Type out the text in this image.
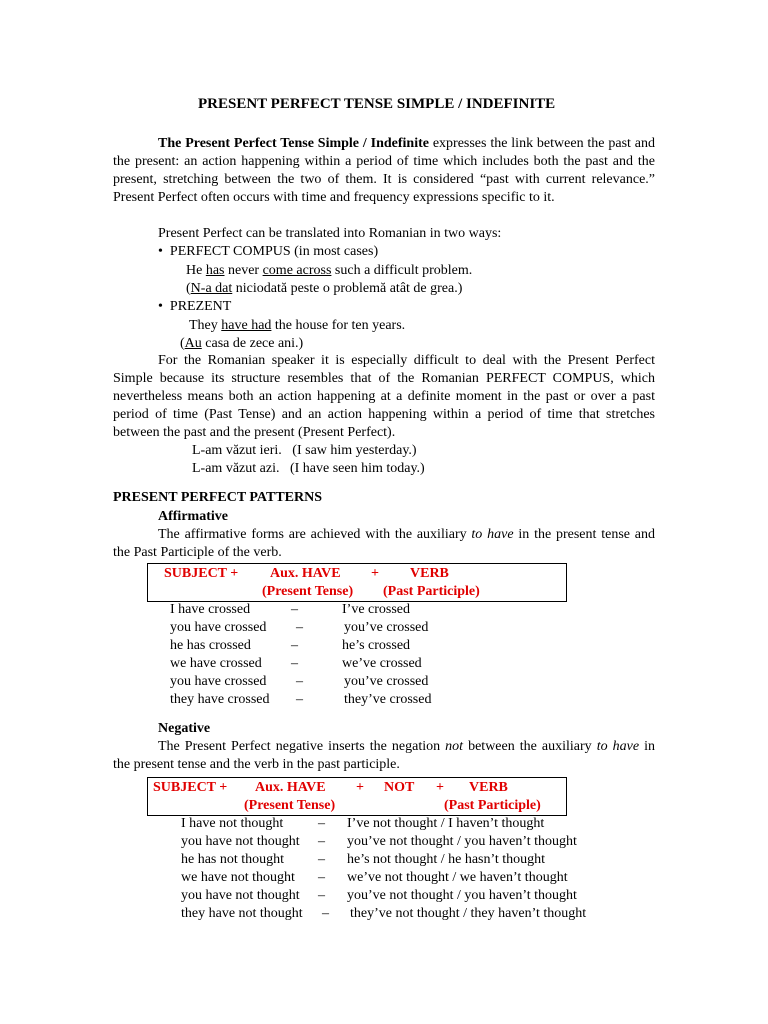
PRESENT PERFECT TENSE SIMPLE / INDEFINITE
The Present Perfect Tense Simple / Indefinite expresses the link between the past and the present: an action happening within a period of time which includes both the past and the present, stretching between the two of them. It is considered “past with current relevance.” Present Perfect often occurs with time and frequency expressions specific to it.
Present Perfect can be translated into Romanian in two ways:
• PERFECT COMPUS (in most cases)
He has never come across such a difficult problem.
(N-a dat niciodată peste o problemă atât de grea.)
• PREZENT
They have had the house for ten years.
(Au casa de zece ani.)
For the Romanian speaker it is especially difficult to deal with the Present Perfect Simple because its structure resembles that of the Romanian PERFECT COMPUS, which nevertheless means both an action happening at a definite moment in the past or over a past period of time (Past Tense) and an action happening within a period of time that stretches between the past and the present (Present Perfect).
L-am văzut ieri. (I saw him yesterday.)
L-am văzut azi. (I have seen him today.)
PRESENT PERFECT PATTERNS
Affirmative
The affirmative forms are achieved with the auxiliary to have in the present tense and the Past Participle of the verb.
SUBJECT + Aux. HAVE + VERB
(Present Tense) (Past Participle)
I have crossed	–	I’ve crossed
you have crossed –	you’ve crossed
he has crossed	–	he’s crossed
we have crossed –	we’ve crossed
you have crossed –	you’ve crossed
they have crossed –	they’ve crossed
Negative
The Present Perfect negative inserts the negation not between the auxiliary to have in the present tense and the verb in the past participle.
SUBJECT + Aux. HAVE + NOT + VERB
(Present Tense)	(Past Participle)
I have not thought – I’ve not thought / I haven’t thought
you have not thought – you’ve not thought / you haven’t thought
he has not thought – he’s not thought / he hasn’t thought
we have not thought – we’ve not thought / we haven’t thought
you have not thought – you’ve not thought / you haven’t thought
they have not thought – they’ve not thought / they haven’t thought
